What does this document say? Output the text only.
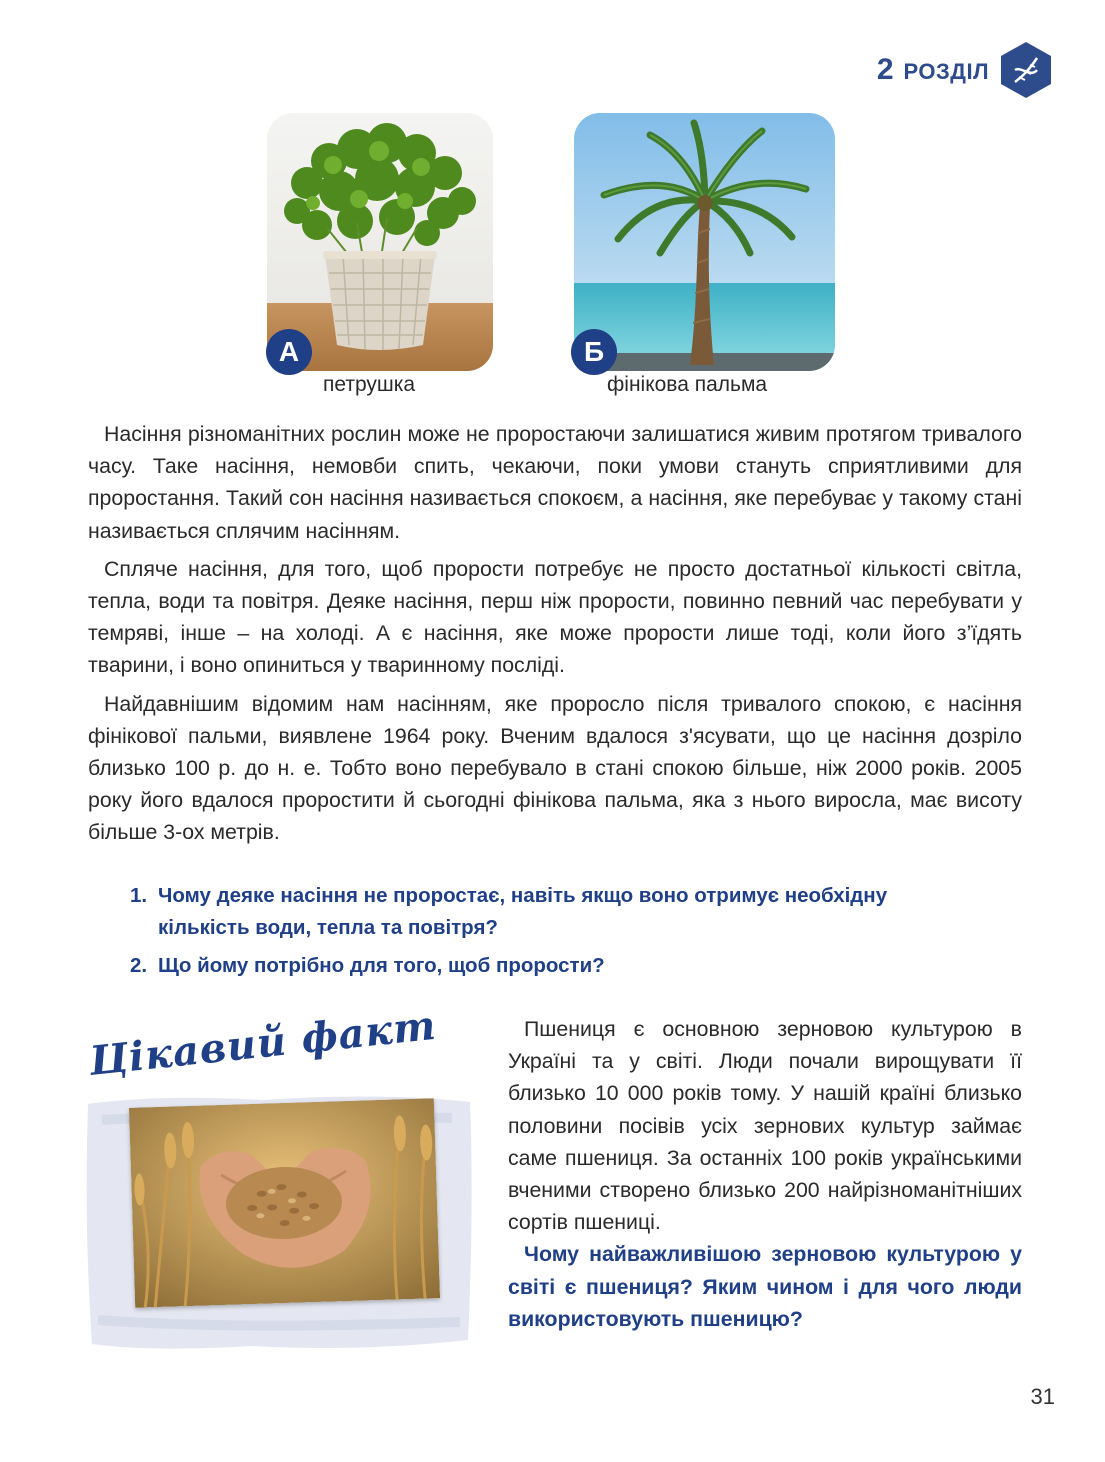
2 РОЗДІЛ
А
петрушка
Б
фінікова пальма

Насіння різноманітних рослин може не проростаючи залишатися живим протягом тривалого часу. Таке насіння, немовби спить, чекаючи, поки умови стануть сприятливими для проростання. Такий сон насіння називається спокоєм, а насіння, яке перебуває у такому стані називається сплячим насінням.

Спляче насіння, для того, щоб прорости потребує не просто достатньої кількості світла, тепла, води та повітря. Деяке насіння, перш ніж прорости, повинно певний час перебувати у темряві, інше – на холоді. А є насіння, яке може прорости лише тоді, коли його з’їдять тварини, і воно опиниться у тваринному посліді.

Найдавнішим відомим нам насінням, яке проросло після тривалого спокою, є насіння фінікової пальми, виявлене 1964 року. Вченим вдалося з'ясувати, що це насіння дозріло близько 100 р. до н. е. Тобто воно перебувало в стані спокою більше, ніж 2000 років. 2005 року його вдалося проростити й сьогодні фінікова пальма, яка з нього виросла, має висоту більше 3-ох метрів.

1. Чому деяке насіння не проростає, навіть якщо воно отримує необхідну кількість води, тепла та повітря?
2. Що йому потрібно для того, щоб прорости?
Цікавий факт	Пшениця є основною зерновою культурою в Україні та у світі. Люди почали вирощувати її близько 10 000 років тому. У нашій країні близько половини посівів усіх зернових культур займає саме пшениця. За останніх 100 років українськими вченими створено близько 200 найрізноманітніших сортів пшениці.

Чому найважливішою зерновою культурою у світі є пшениця? Яким чином і для чого люди використовують пшеницю?

31
